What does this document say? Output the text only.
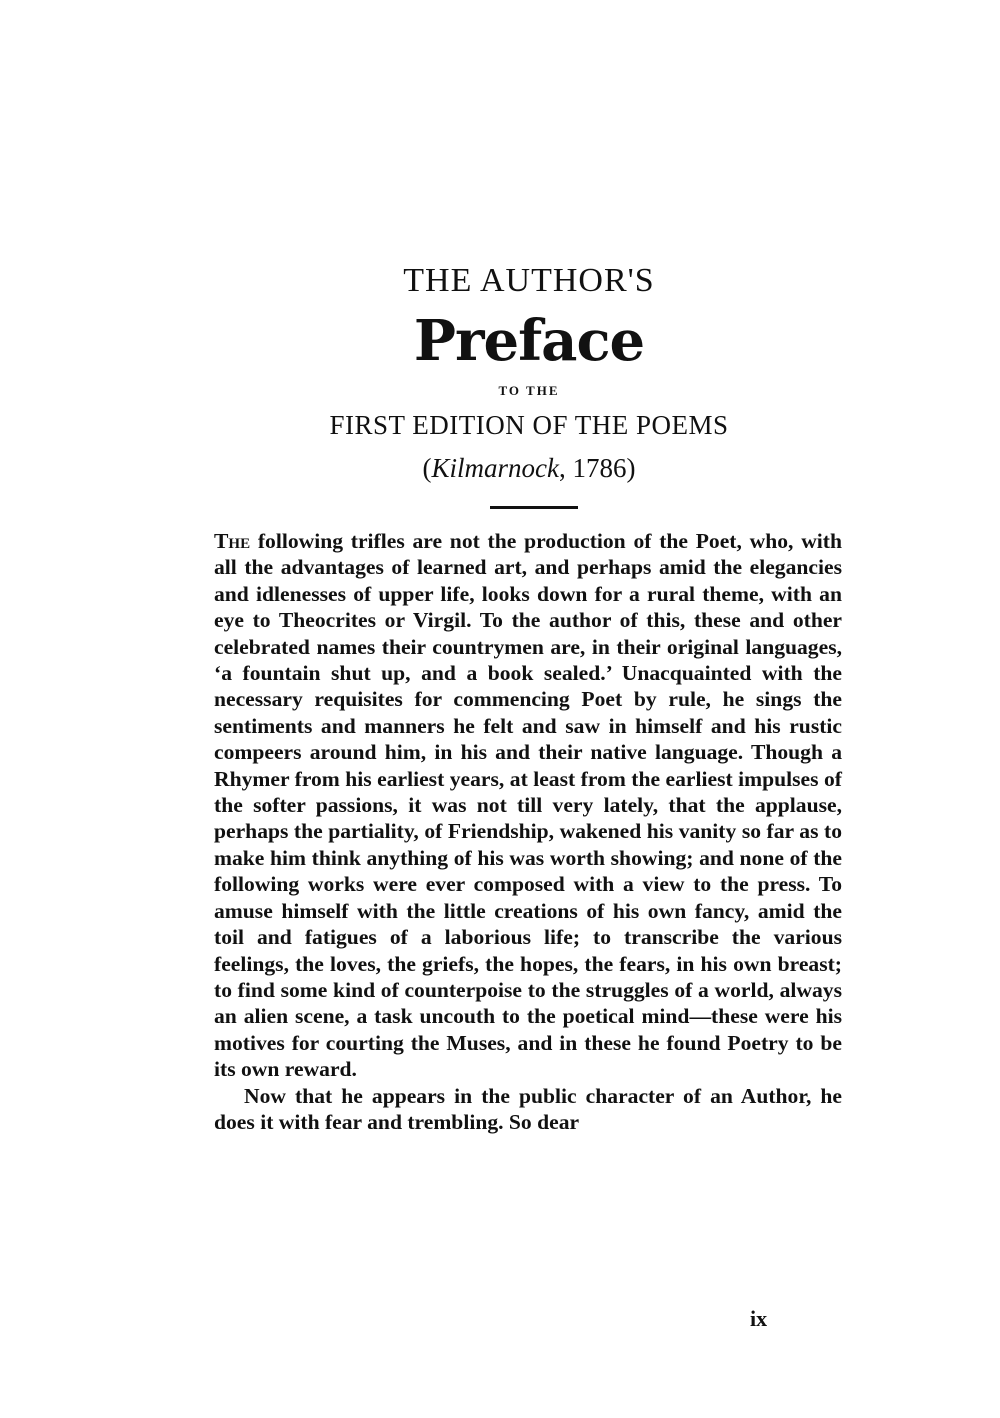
THE AUTHOR'S
Preface
TO THE
FIRST EDITION OF THE POEMS
(Kilmarnock, 1786)

The following trifles are not the production of the Poet, who, with all the advantages of learned art, and perhaps amid the elegancies and idlenesses of upper life, looks down for a rural theme, with an eye to Theocrites or Virgil. To the author of this, these and other celebrated names their countrymen are, in their original languages, ‘a fountain shut up, and a book sealed.’ Unacquainted with the necessary requisites for commencing Poet by rule, he sings the sentiments and manners he felt and saw in himself and his rustic compeers around him, in his and their native language. Though a Rhymer from his earliest years, at least from the earliest impulses of the softer passions, it was not till very lately, that the applause, perhaps the partiality, of Friendship, wakened his vanity so far as to make him think anything of his was worth showing; and none of the following works were ever composed with a view to the press. To amuse himself with the little creations of his own fancy, amid the toil and fatigues of a laborious life; to transcribe the various feelings, the loves, the griefs, the hopes, the fears, in his own breast; to find some kind of counterpoise to the struggles of a world, always an alien scene, a task uncouth to the poetical mind—these were his motives for courting the Muses, and in these he found Poetry to be its own reward.

Now that he appears in the public character of an Author, he does it with fear and trembling. So dear

ix
